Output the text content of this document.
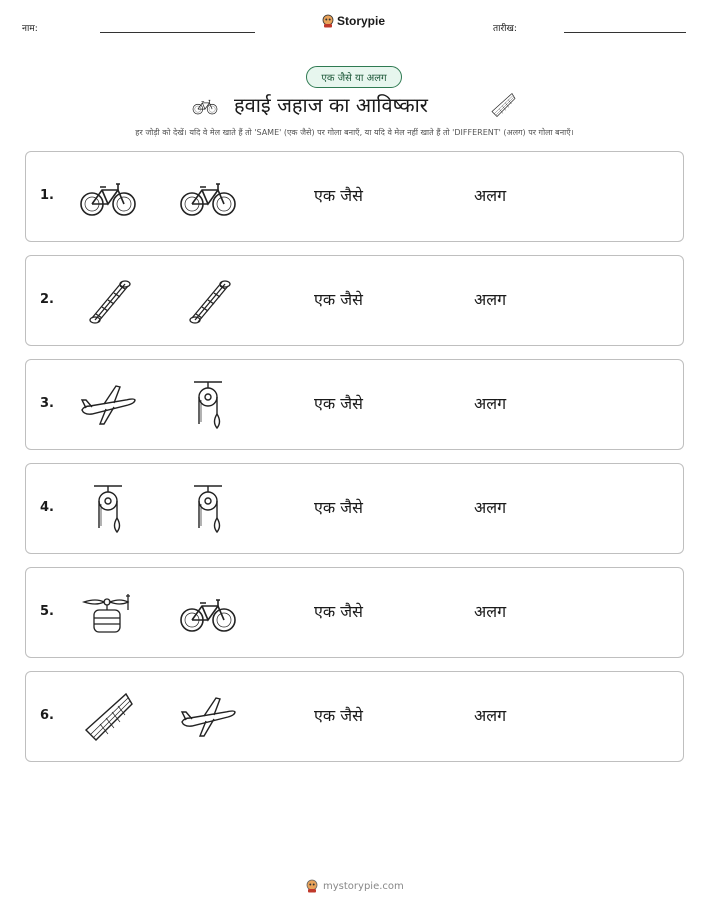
नाम:
Storypie
तारीख:
एक जैसे या अलग
हवाई जहाज का आविष्कार
हर जोड़ी को देखें। यदि वे मेल खाते हैं तो 'SAME' (एक जैसे) पर गोला बनाएँ, या यदि वे मेल नहीं खाते हैं तो 'DIFFERENT' (अलग) पर गोला बनाएँ।
1.	एक जैसे	अलग
2.	एक जैसे	अलग
3.	एक जैसे	अलग
4.	एक जैसे	अलग
5.	एक जैसे	अलग
6.	एक जैसे	अलग
mystorypie.com
